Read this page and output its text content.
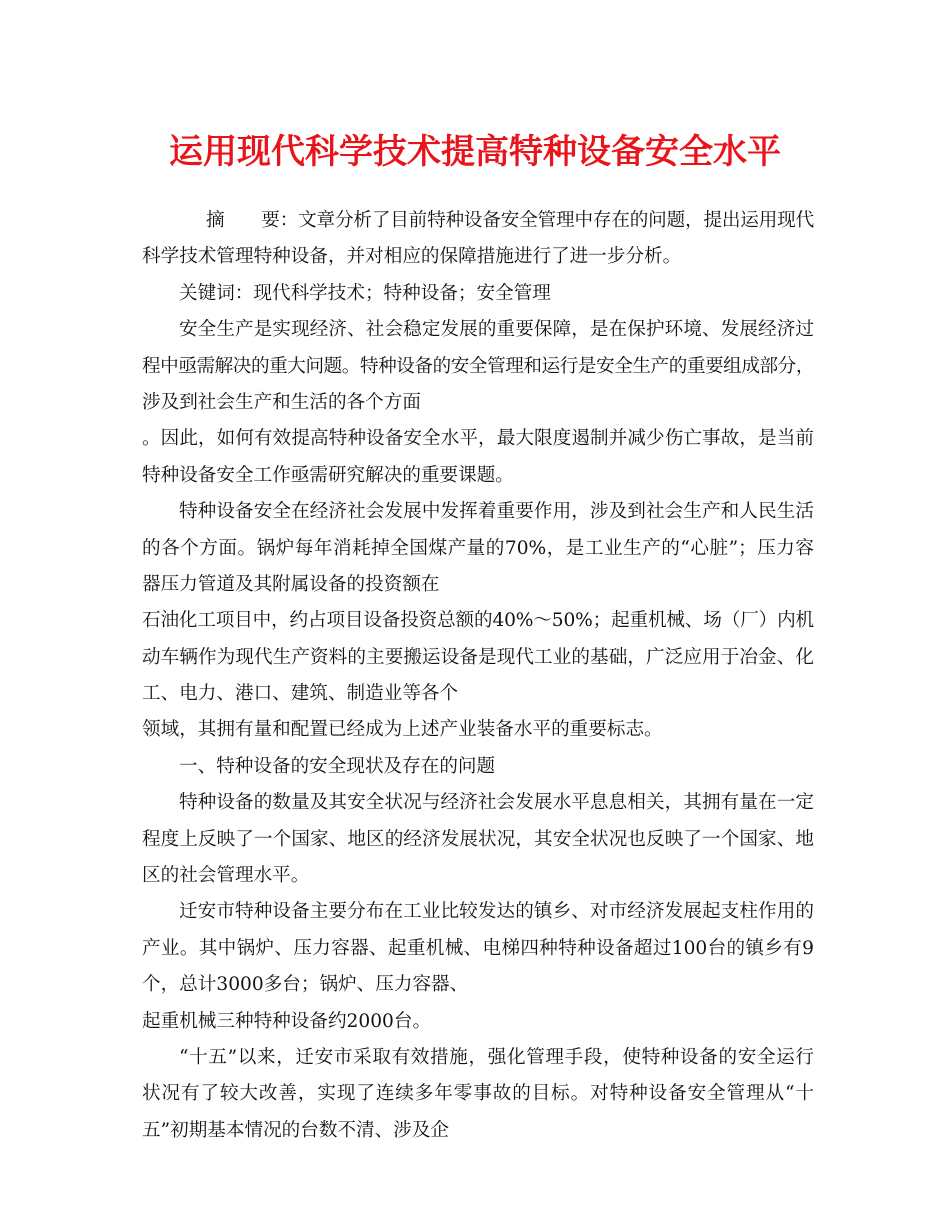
运用现代科学技术提高特种设备安全水平
摘　　要：文章分析了目前特种设备安全管理中存在的问题，提出运用现代
科学技术管理特种设备，并对相应的保障措施进行了进一步分析。
关键词：现代科学技术；特种设备；安全管理
安全生产是实现经济、社会稳定发展的重要保障，是在保护环境、发展经济过
程中亟需解决的重大问题。特种设备的安全管理和运行是安全生产的重要组成部分，
涉及到社会生产和生活的各个方面
。因此，如何有效提高特种设备安全水平，最大限度遏制并减少伤亡事故，是当前
特种设备安全工作亟需研究解决的重要课题。
特种设备安全在经济社会发展中发挥着重要作用，涉及到社会生产和人民生活
的各个方面。锅炉每年消耗掉全国煤产量的70%，是工业生产的“心脏”；压力容
器压力管道及其附属设备的投资额在
石油化工项目中，约占项目设备投资总额的40%～50%；起重机械、场（厂）内机
动车辆作为现代生产资料的主要搬运设备是现代工业的基础，广泛应用于冶金、化
工、电力、港口、建筑、制造业等各个
领域，其拥有量和配置已经成为上述产业装备水平的重要标志。
一、特种设备的安全现状及存在的问题
特种设备的数量及其安全状况与经济社会发展水平息息相关，其拥有量在一定
程度上反映了一个国家、地区的经济发展状况，其安全状况也反映了一个国家、地
区的社会管理水平。
迁安市特种设备主要分布在工业比较发达的镇乡、对市经济发展起支柱作用的
产业。其中锅炉、压力容器、起重机械、电梯四种特种设备超过100台的镇乡有9
个，总计3000多台；锅炉、压力容器、
起重机械三种特种设备约2000台。
“十五”以来，迁安市采取有效措施，强化管理手段，使特种设备的安全运行
状况有了较大改善，实现了连续多年零事故的目标。对特种设备安全管理从“十
五”初期基本情况的台数不清、涉及企
